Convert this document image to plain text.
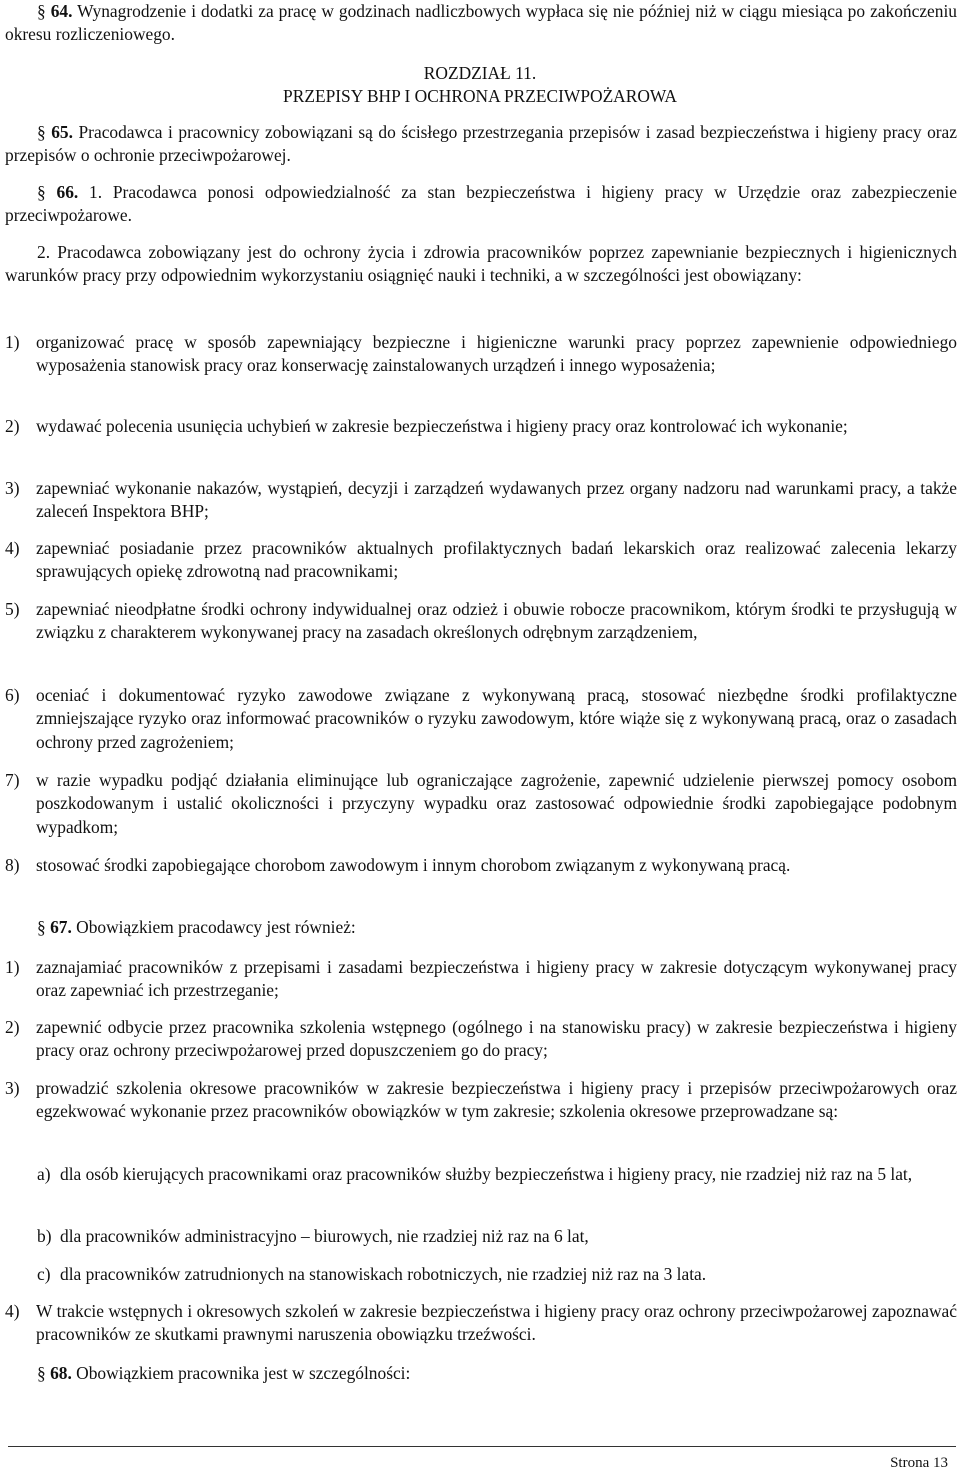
§ 64. Wynagrodzenie i dodatki za pracę w godzinach nadliczbowych wypłaca się nie później niż w ciągu miesiąca po zakończeniu okresu rozliczeniowego.

ROZDZIAŁ 11.

PRZEPISY BHP I OCHRONA PRZECIWPOŻAROWA

§ 65. Pracodawca i pracownicy zobowiązani są do ścisłego przestrzegania przepisów i zasad bezpieczeństwa i higieny pracy oraz przepisów o ochronie przeciwpożarowej.

§ 66. 1. Pracodawca ponosi odpowiedzialność za stan bezpieczeństwa i higieny pracy w Urzędzie oraz zabezpieczenie przeciwpożarowe.

2. Pracodawca zobowiązany jest do ochrony życia i zdrowia pracowników poprzez zapewnianie bezpiecznych i higienicznych warunków pracy przy odpowiednim wykorzystaniu osiągnięć nauki i techniki, a w szczególności jest obowiązany:

1) organizować pracę w sposób zapewniający bezpieczne i higieniczne warunki pracy poprzez zapewnienie odpowiedniego wyposażenia stanowisk pracy oraz konserwację zainstalowanych urządzeń i innego wyposażenia;
2) wydawać polecenia usunięcia uchybień w zakresie bezpieczeństwa i higieny pracy oraz kontrolować ich wykonanie;
3) zapewniać wykonanie nakazów, wystąpień, decyzji i zarządzeń wydawanych przez organy nadzoru nad warunkami pracy, a także zaleceń Inspektora BHP;
4) zapewniać posiadanie przez pracowników aktualnych profilaktycznych badań lekarskich oraz realizować zalecenia lekarzy sprawujących opiekę zdrowotną nad pracownikami;
5) zapewniać nieodpłatne środki ochrony indywidualnej oraz odzież i obuwie robocze pracownikom, którym środki te przysługują w związku z charakterem wykonywanej pracy na zasadach określonych odrębnym zarządzeniem,
6) oceniać i dokumentować ryzyko zawodowe związane z wykonywaną pracą, stosować niezbędne środki profilaktyczne zmniejszające ryzyko oraz informować pracowników o ryzyku zawodowym, które wiąże się z wykonywaną pracą, oraz o zasadach ochrony przed zagrożeniem;
7) w razie wypadku podjąć działania eliminujące lub ograniczające zagrożenie, zapewnić udzielenie pierwszej pomocy osobom poszkodowanym i ustalić okoliczności i przyczyny wypadku oraz zastosować odpowiednie środki zapobiegające podobnym wypadkom;
8) stosować środki zapobiegające chorobom zawodowym i innym chorobom związanym z wykonywaną pracą.

§ 67. Obowiązkiem pracodawcy jest również:

1) zaznajamiać pracowników z przepisami i zasadami bezpieczeństwa i higieny pracy w zakresie dotyczącym wykonywanej pracy oraz zapewniać ich przestrzeganie;
2) zapewnić odbycie przez pracownika szkolenia wstępnego (ogólnego i na stanowisku pracy) w zakresie bezpieczeństwa i higieny pracy oraz ochrony przeciwpożarowej przed dopuszczeniem go do pracy;
3) prowadzić szkolenia okresowe pracowników w zakresie bezpieczeństwa i higieny pracy i przepisów przeciwpożarowych oraz egzekwować wykonanie przez pracowników obowiązków w tym zakresie; szkolenia okresowe przeprowadzane są:
a) dla osób kierujących pracownikami oraz pracowników służby bezpieczeństwa i higieny pracy, nie rzadziej niż raz na 5 lat,
b) dla pracowników administracyjno – biurowych, nie rzadziej niż raz na 6 lat,
c) dla pracowników zatrudnionych na stanowiskach robotniczych, nie rzadziej niż raz na 3 lata.
4) W trakcie wstępnych i okresowych szkoleń w zakresie bezpieczeństwa i higieny pracy oraz ochrony przeciwpożarowej zapoznawać pracowników ze skutkami prawnymi naruszenia obowiązku trzeźwości.

§ 68. Obowiązkiem pracownika jest w szczególności:

Strona 13
